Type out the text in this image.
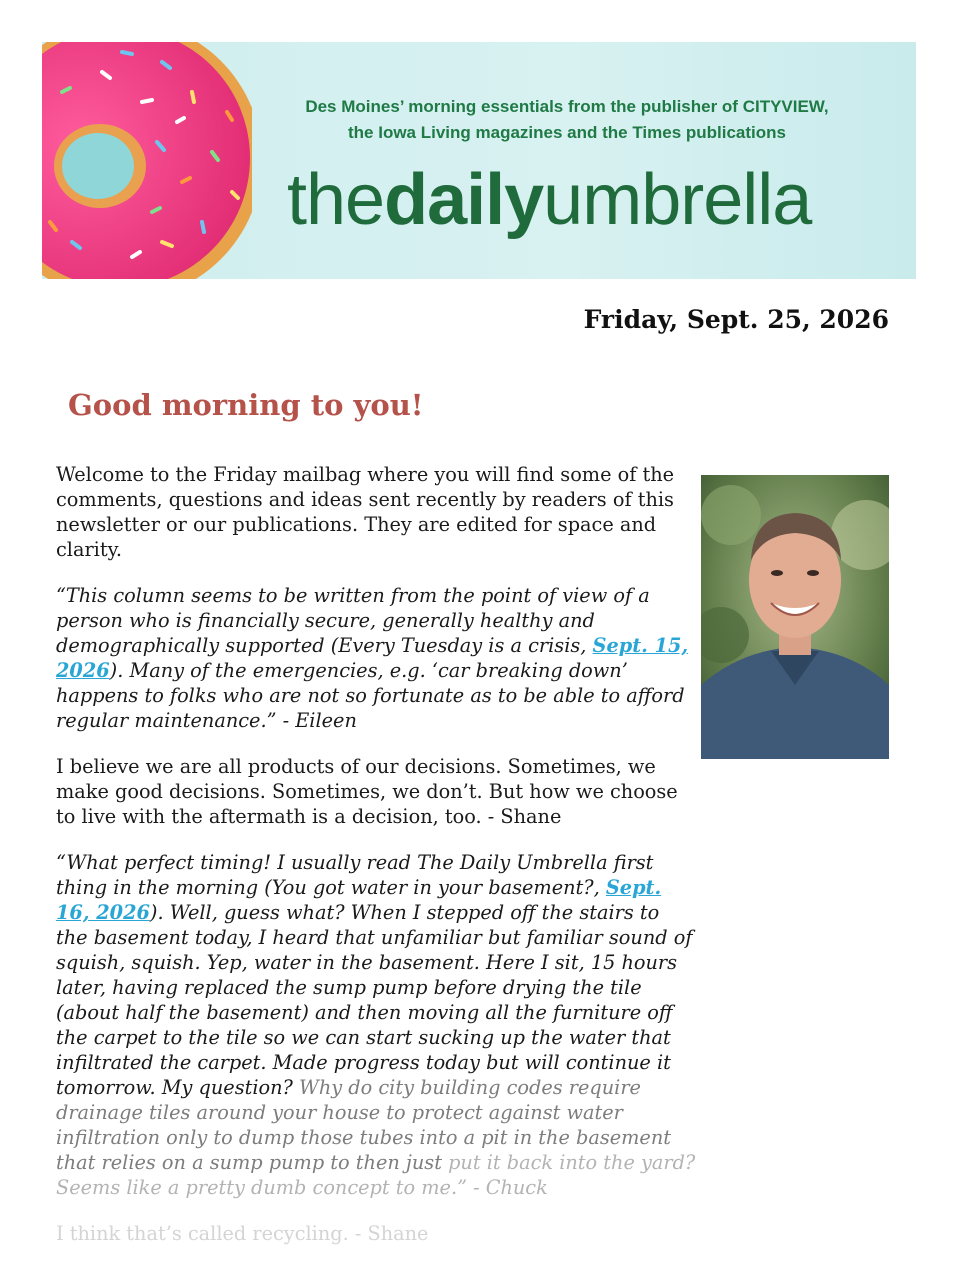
Des Moines’ morning essentials from the publisher of CITYVIEW,
the Iowa Living magazines and the Times publications
thedailyumbrella
Friday, Sept. 25, 2026
Good morning to you!

Welcome to the Friday mailbag where you will find some of the comments, questions and ideas sent recently by readers of this newsletter or our publications. They are edited for space and clarity.

“This column seems to be written from the point of view of a person who is financially secure, generally healthy and demographically supported (Every Tuesday is a crisis, Sept. 15, 2026). Many of the emergencies, e.g. ‘car breaking down’ happens to folks who are not so fortunate as to be able to afford regular maintenance.” - Eileen

I believe we are all products of our decisions. Sometimes, we make good decisions. Sometimes, we don’t. But how we choose to live with the aftermath is a decision, too. - Shane

“What perfect timing! I usually read The Daily Umbrella first thing in the morning (You got water in your basement?, Sept. 16, 2026). Well, guess what? When I stepped off the stairs to the basement today, I heard that unfamiliar but familiar sound of squish, squish. Yep, water in the basement. Here I sit, 15 hours later, having replaced the sump pump before drying the tile (about half the basement) and then moving all the furniture off the carpet to the tile so we can start sucking up the water that infiltrated the carpet. Made progress today but will continue it tomorrow. My question? Why do city building codes require drainage tiles around your house to protect against water infiltration only to dump those tubes into a pit in the basement that relies on a sump pump to then just put it back into the yard? Seems like a pretty dumb concept to me.” - Chuck

I think that’s called recycling. - Shane
